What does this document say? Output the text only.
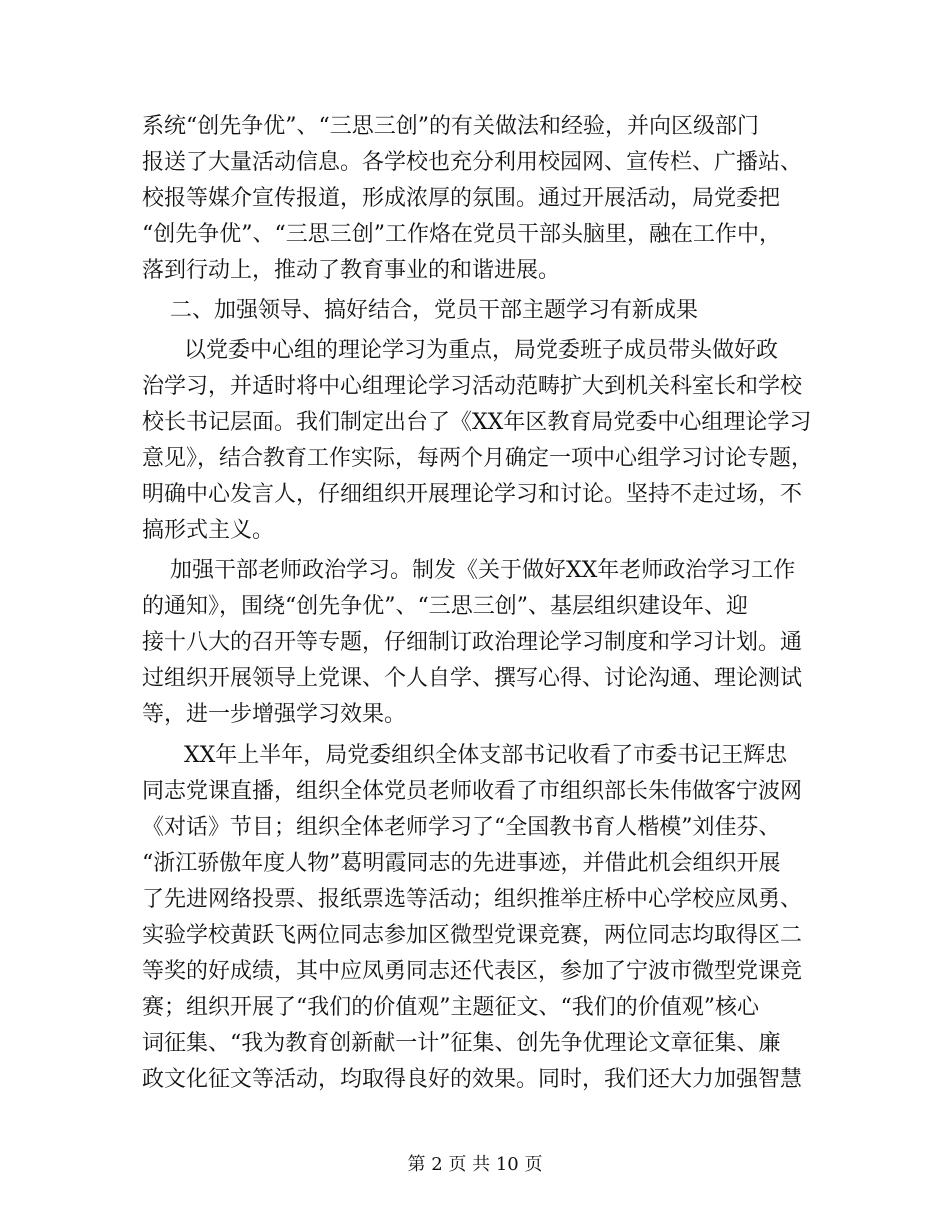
系统“创先争优”、“三思三创”的有关做法和经验，并向区级部门
报送了大量活动信息。各学校也充分利用校园网、宣传栏、广播站、
校报等媒介宣传报道，形成浓厚的氛围。通过开展活动，局党委把
“创先争优”、“三思三创”工作烙在党员干部头脑里，融在工作中，
落到行动上，推动了教育事业的和谐进展。
二、加强领导、搞好结合，党员干部主题学习有新成果
以党委中心组的理论学习为重点，局党委班子成员带头做好政
治学习，并适时将中心组理论学习活动范畴扩大到机关科室长和学校
校长书记层面。我们制定出台了《XX年区教育局党委中心组理论学习
意见》，结合教育工作实际，每两个月确定一项中心组学习讨论专题，
明确中心发言人，仔细组织开展理论学习和讨论。坚持不走过场，不
搞形式主义。
加强干部老师政治学习。制发《关于做好XX年老师政治学习工作
的通知》，围绕“创先争优”、“三思三创”、基层组织建设年、迎
接十八大的召开等专题，仔细制订政治理论学习制度和学习计划。通
过组织开展领导上党课、个人自学、撰写心得、讨论沟通、理论测试
等，进一步增强学习效果。
XX年上半年，局党委组织全体支部书记收看了市委书记王辉忠
同志党课直播，组织全体党员老师收看了市组织部长朱伟做客宁波网
《对话》节目；组织全体老师学习了“全国教书育人楷模”刘佳芬、
“浙江骄傲年度人物”葛明霞同志的先进事迹，并借此机会组织开展
了先进网络投票、报纸票选等活动；组织推举庄桥中心学校应凤勇、
实验学校黄跃飞两位同志参加区微型党课竞赛，两位同志均取得区二
等奖的好成绩，其中应凤勇同志还代表区，参加了宁波市微型党课竞
赛；组织开展了“我们的价值观”主题征文、“我们的价值观”核心
词征集、“我为教育创新献一计”征集、创先争优理论文章征集、廉
政文化征文等活动，均取得良好的效果。同时，我们还大力加强智慧
第 2 页 共 10 页
